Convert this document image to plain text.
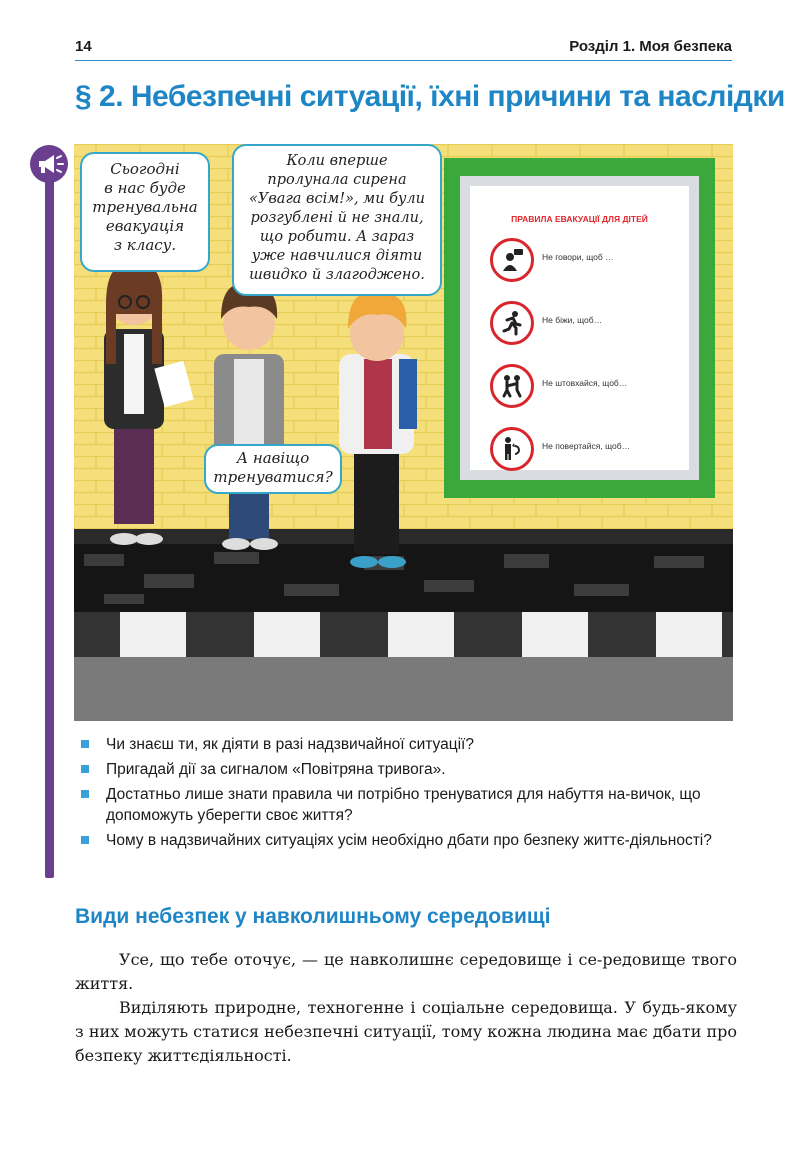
14	Розділ 1. Моя безпека
§ 2. Небезпечні ситуації, їхні причини та наслідки
Сьогодні
в нас буде
тренувальна
евакуація
з класу.
Коли вперше
пролунала сирена
«Увага всім!», ми були
розгублені й не знали,
що робити. А зараз
уже навчилися діяти
швидко й злагоджено.
А навіщо
тренуватися?
ПРАВИЛА ЕВАКУАЦІЇ ДЛЯ ДІТЕЙ
Не говори, щоб …
Не біжи, щоб…
Не штовхайся, щоб…
Не повертайся, щоб…
Чи знаєш ти, як діяти в разі надзвичайної ситуації?
Пригадай дії за сигналом «Повітряна тривога».
Достатньо лише знати правила чи потрібно тренуватися для набуття на-вичок, що допоможуть уберегти своє життя?
Чому в надзвичайних ситуаціях усім необхідно дбати про безпеку життє-діяльності?
Види небезпек у навколишньому середовищі
Усе, що тебе оточує, — це навколишнє середовище і се-редовище твого життя.
Виділяють природне, техногенне і соціальне середовища. У будь-якому з них можуть статися небезпечні ситуації, тому кожна людина має дбати про безпеку життєдіяльності.
